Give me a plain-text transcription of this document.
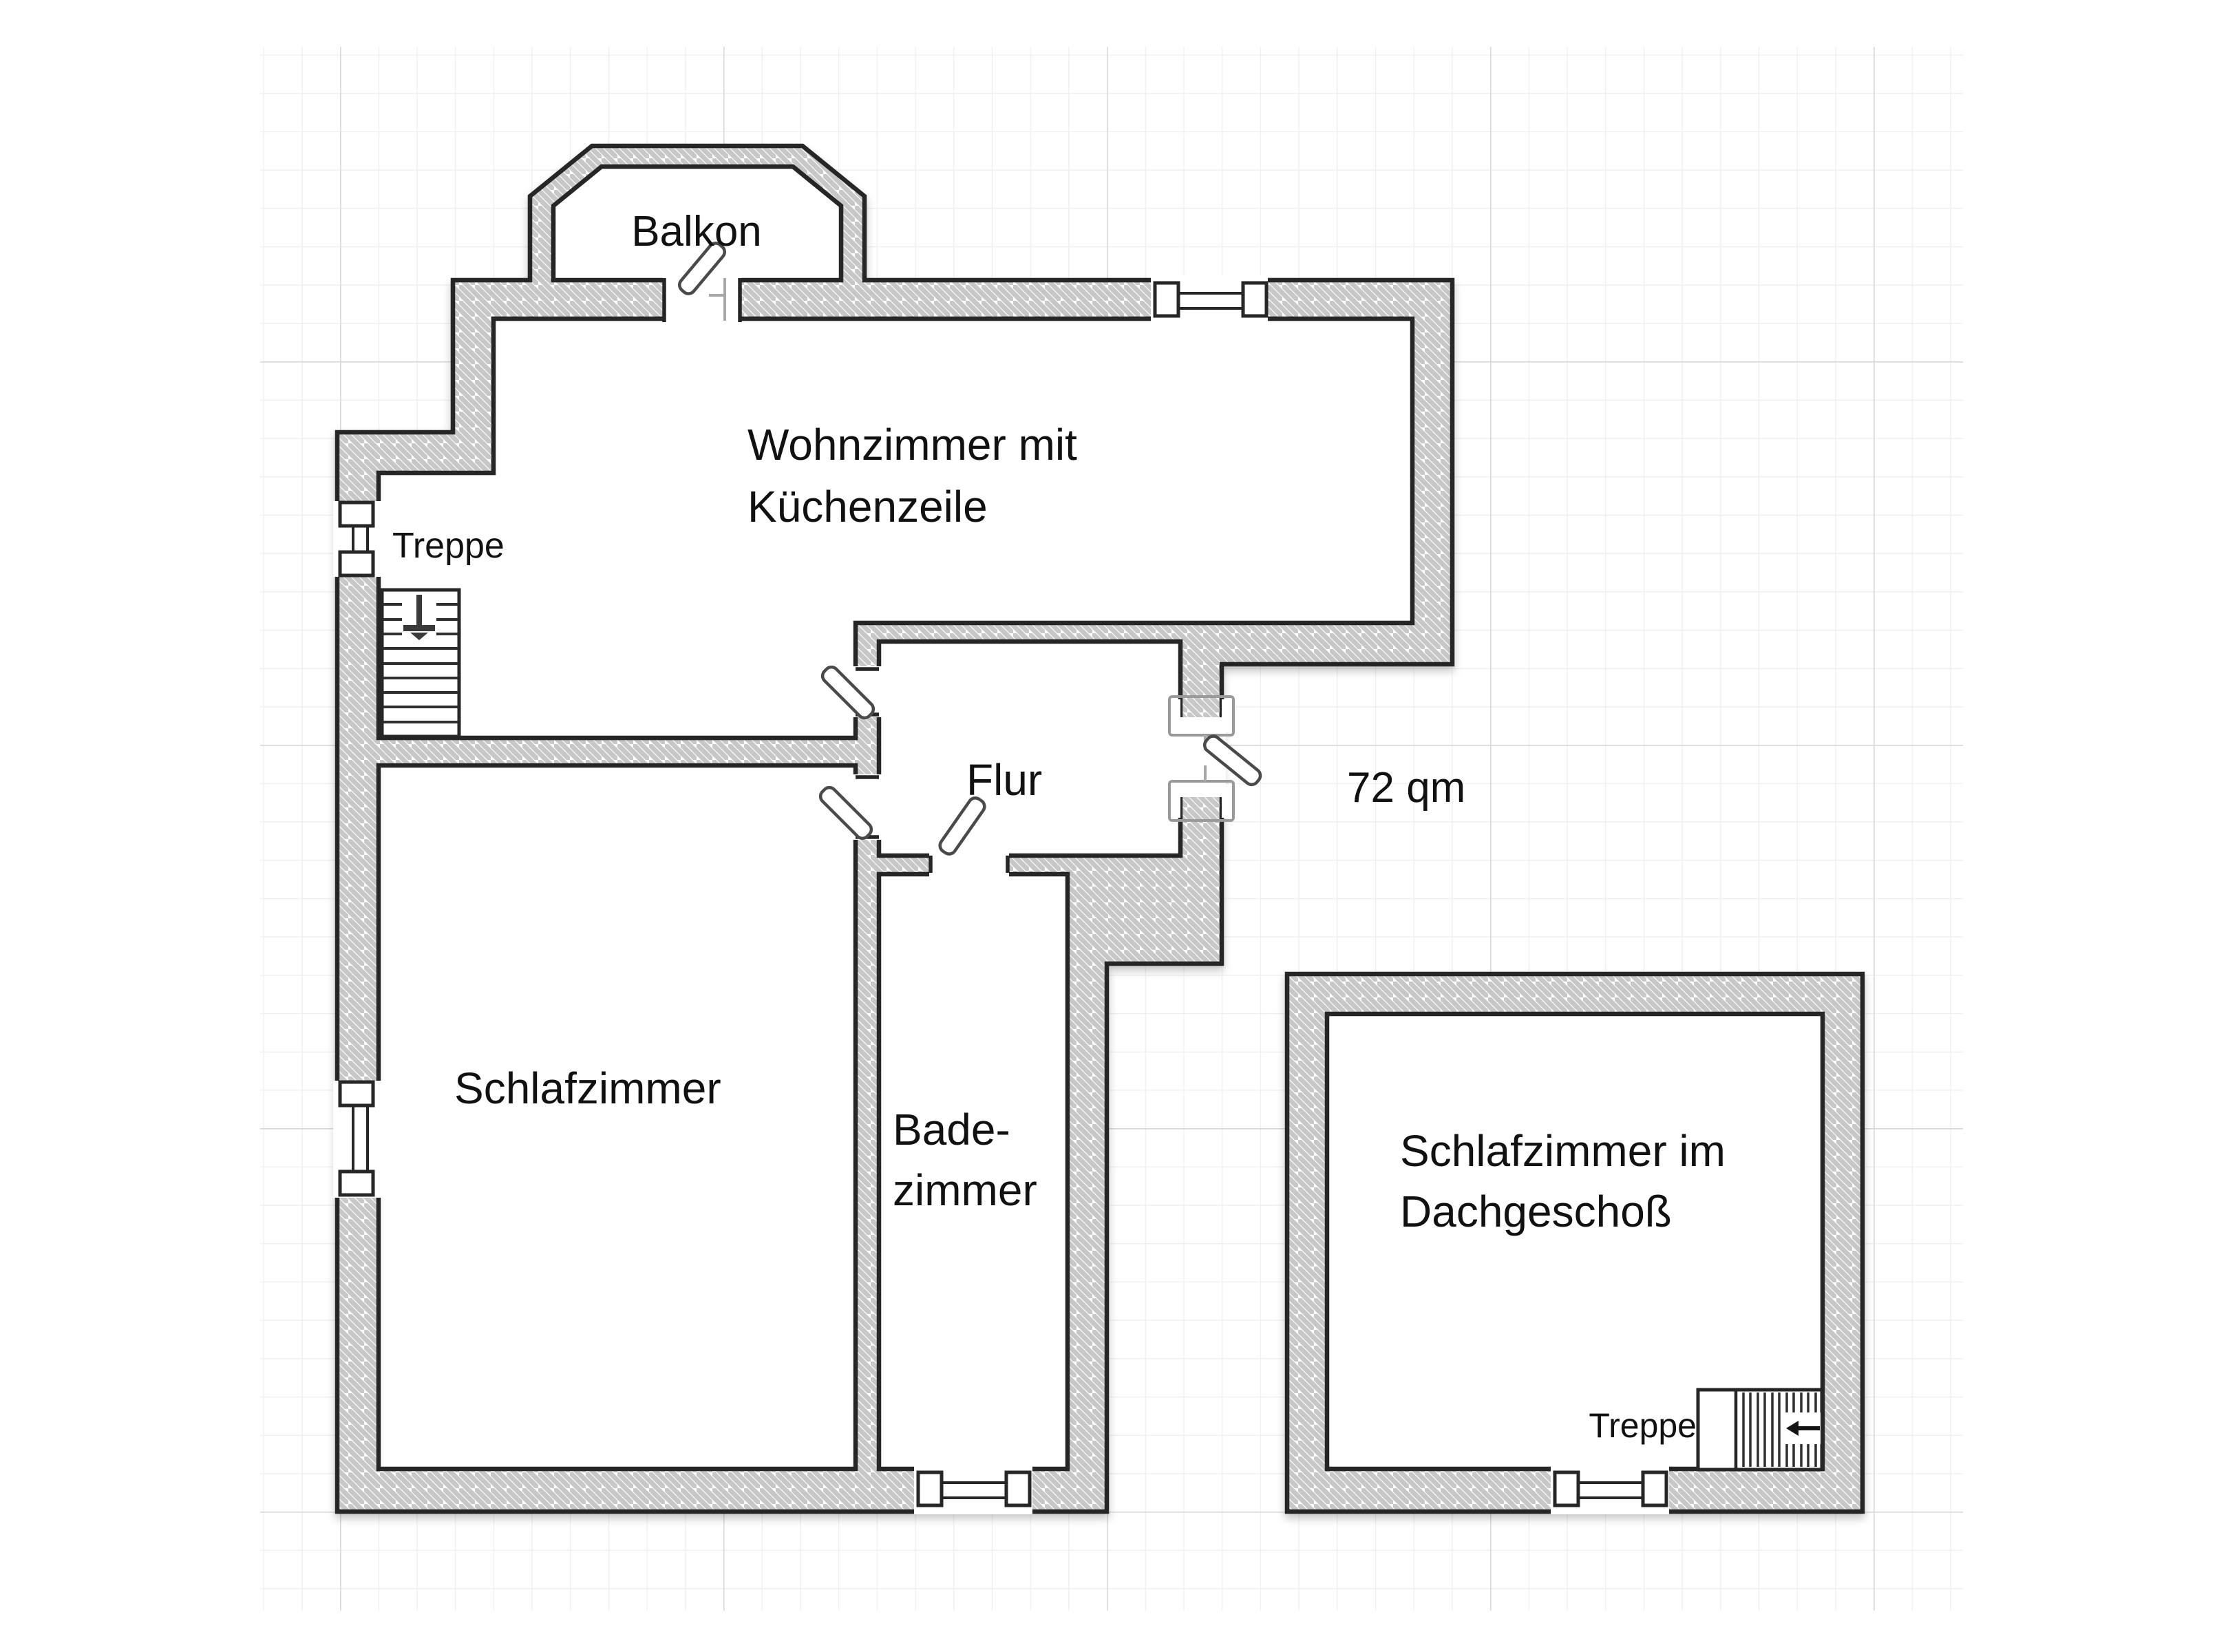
Balkon
Wohnzimmer mit
Küchenzeile
Treppe
Flur	72 qm
Schlafzimmer
Bade-
zimmer
Schlafzimmer im
Dachgeschoß
Treppe
